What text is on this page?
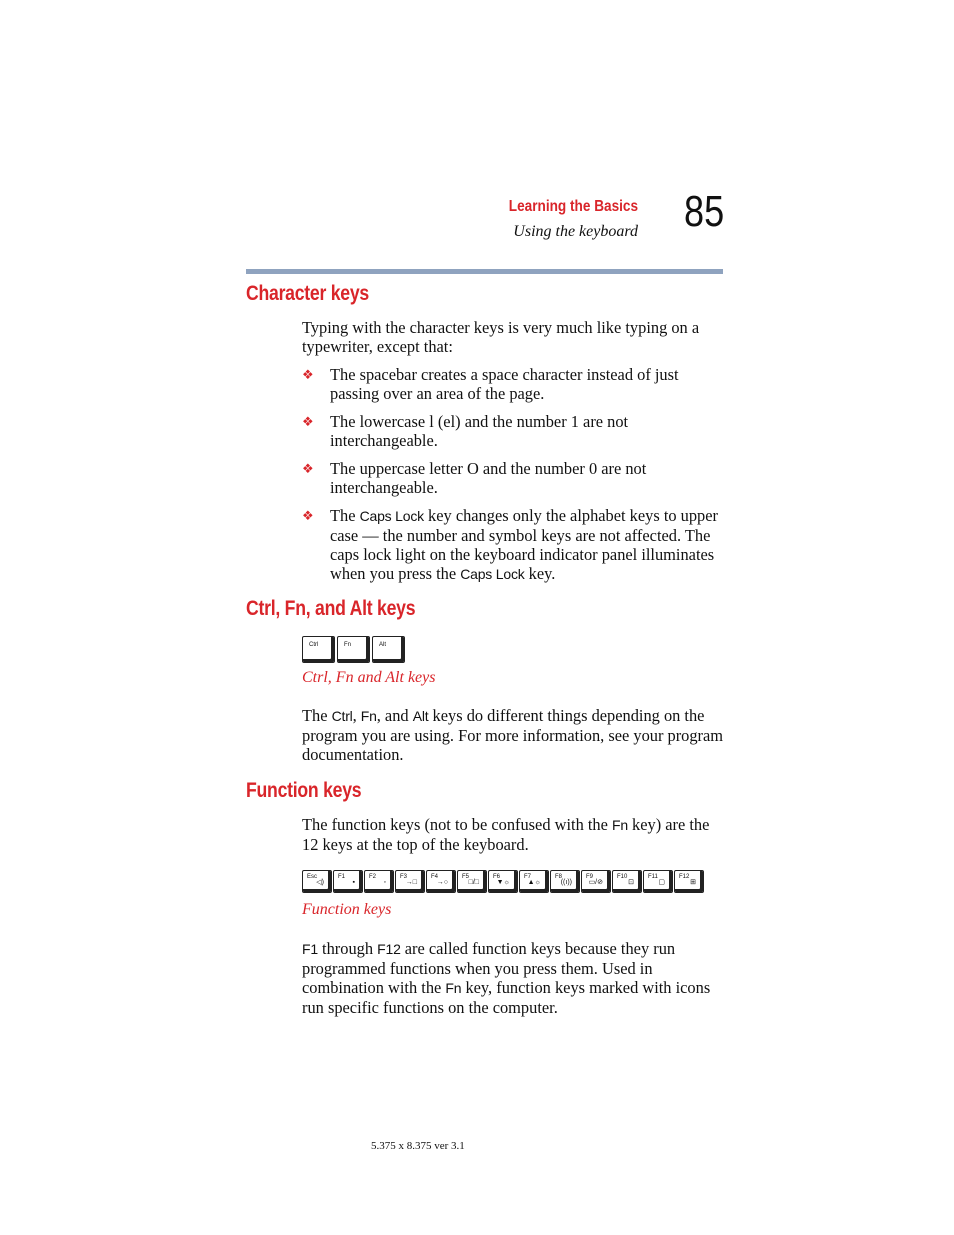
Learning the Basics
Using the keyboard 85
Character keys

Typing with the character keys is very much like typing on a typewriter, except that:

❖ The spacebar creates a space character instead of just passing over an area of the page.
❖ The lowercase l (el) and the number 1 are not interchangeable.
❖ The uppercase letter O and the number 0 are not interchangeable.
❖ The Caps Lock key changes only the alphabet keys to upper case — the number and symbol keys are not affected. The caps lock light on the keyboard indicator panel illuminates when you press the Caps Lock key.
Ctrl, Fn, and Alt keys
Ctrl	Fn	Alt
Ctrl, Fn and Alt keys

The Ctrl, Fn, and Alt keys do different things depending on the program you are using. For more information, see your program documentation.

Function keys

The function keys (not to be confused with the Fn key) are the 12 keys at the top of the keyboard.

Esc
◁)
F1
▪
F2
◦
F3
→□
F4
→○
F5
□/□
F6
▼☼
F7
▲☼
F8
((ı))
F9
▭/⊘
F10
⊡
F11
▢
F12
⊞
Function keys

F1 through F12 are called function keys because they run programmed functions when you press them. Used in combination with the Fn key, function keys marked with icons run specific functions on the computer.

5.375 x 8.375 ver 3.1
